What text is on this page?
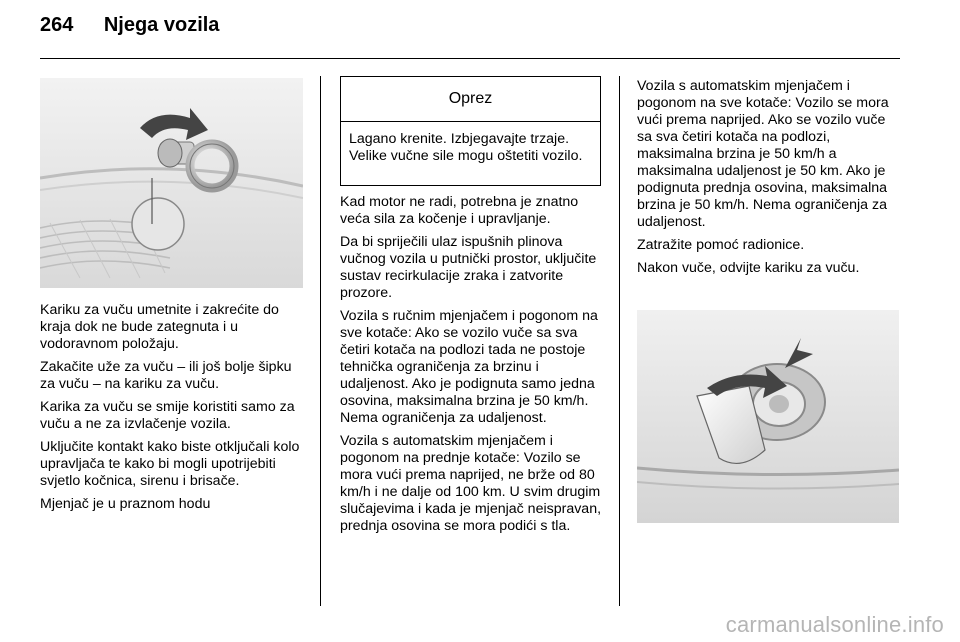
264 Njega vozila

Kariku za vuču umetnite i zakrećite do kraja dok ne bude zategnuta i u vodoravnom položaju.

Zakačite uže za vuču – ili još bolje šipku za vuču – na kariku za vuču.

Karika za vuču se smije koristiti samo za vuču a ne za izvlačenje vozila.

Uključite kontakt kako biste otključali kolo upravljača te kako bi mogli upotrijebiti svjetlo kočnica, sirenu i brisače.

Mjenjač je u praznom hodu

Oprez
Lagano krenite. Izbjegavajte trzaje. Velike vučne sile mogu oštetiti vozilo.

Kad motor ne radi, potrebna je znatno veća sila za kočenje i upravljanje.

Da bi spriječili ulaz ispušnih plinova vučnog vozila u putnički prostor, uključite sustav recirkulacije zraka i zatvorite prozore.

Vozila s ručnim mjenjačem i pogonom na sve kotače: Ako se vozilo vuče sa sva četiri kotača na podlozi tada ne postoje tehnička ograničenja za brzinu i udaljenost. Ako je podignuta samo jedna osovina, maksimalna brzina je 50 km/h. Nema ograničenja za udaljenost.

Vozila s automatskim mjenjačem i pogonom na prednje kotače: Vozilo se mora vući prema naprijed, ne brže od 80 km/h i ne dalje od 100 km. U svim drugim slučajevima i kada je mjenjač neispravan, prednja osovina se mora podići s tla.

Vozila s automatskim mjenjačem i pogonom na sve kotače: Vozilo se mora vući prema naprijed. Ako se vozilo vuče sa sva četiri kotača na podlozi, maksimalna brzina je 50 km/h a maksimalna udaljenost je 50 km. Ako je podignuta prednja osovina, maksimalna brzina je 50 km/h. Nema ograničenja za udaljenost.

Zatražite pomoć radionice.

Nakon vuče, odvijte kariku za vuču.

carmanualsonline.info
